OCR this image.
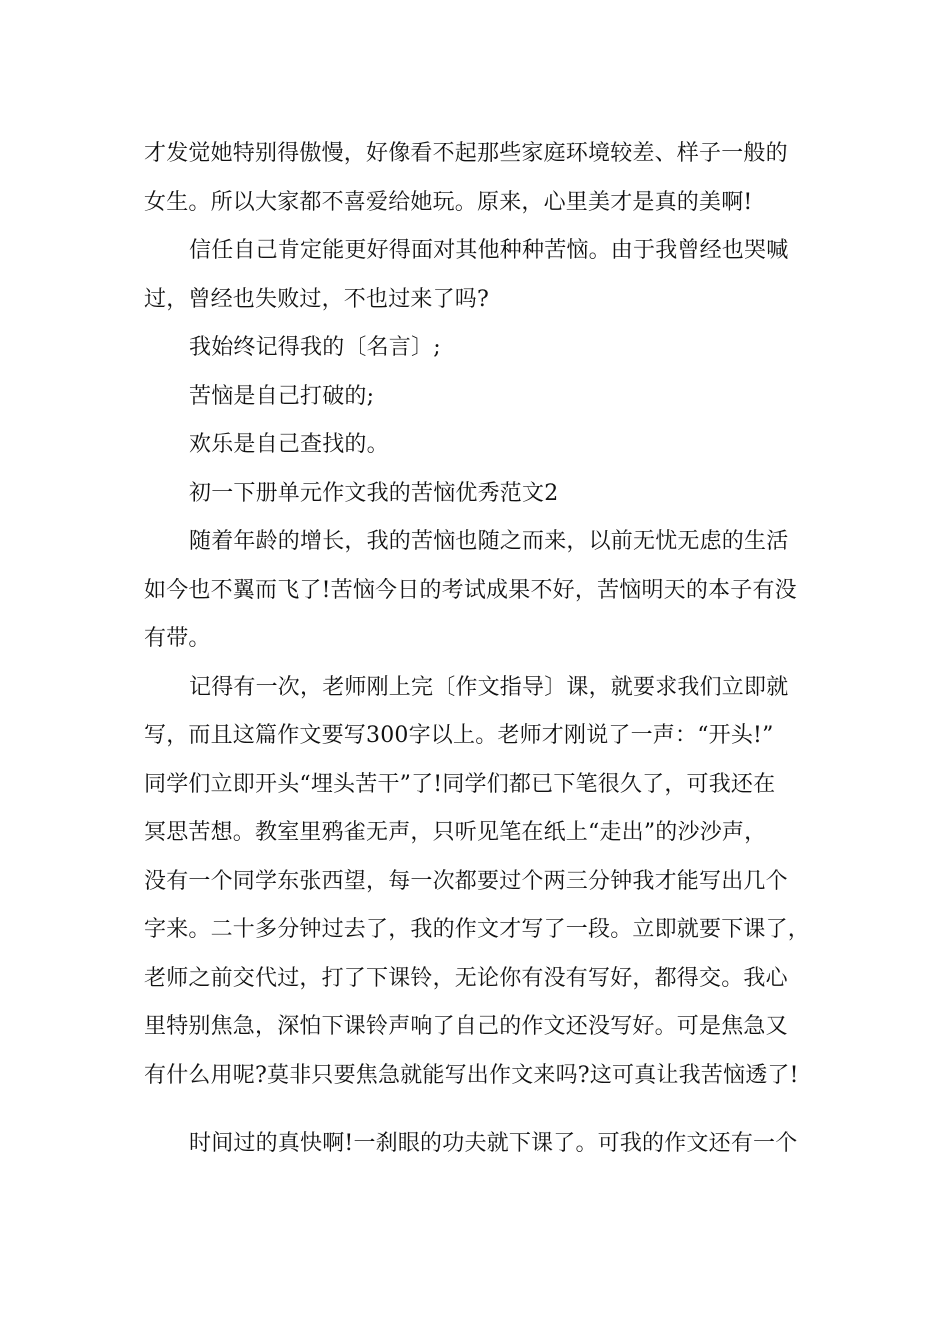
才发觉她特别得傲慢，好像看不起那些家庭环境较差、样子一般的
女生。所以大家都不喜爱给她玩。原来，心里美才是真的美啊!
信任自己肯定能更好得面对其他种种苦恼。由于我曾经也哭喊
过，曾经也失败过，不也过来了吗?
我始终记得我的〔名言〕;
苦恼是自己打破的;
欢乐是自己查找的。
初一下册单元作文我的苦恼优秀范文2
随着年龄的增长，我的苦恼也随之而来，以前无忧无虑的生活
如今也不翼而飞了!苦恼今日的考试成果不好，苦恼明天的本子有没
有带。
记得有一次，老师刚上完〔作文指导〕课，就要求我们立即就
写，而且这篇作文要写300字以上。老师才刚说了一声：“开头!”
同学们立即开头“埋头苦干”了!同学们都已下笔很久了，可我还在
冥思苦想。教室里鸦雀无声，只听见笔在纸上“走出”的沙沙声，
没有一个同学东张西望，每一次都要过个两三分钟我才能写出几个
字来。二十多分钟过去了，我的作文才写了一段。立即就要下课了，
老师之前交代过，打了下课铃，无论你有没有写好，都得交。我心
里特别焦急，深怕下课铃声响了自己的作文还没写好。可是焦急又
有什么用呢?莫非只要焦急就能写出作文来吗?这可真让我苦恼透了!
时间过的真快啊!一刹眼的功夫就下课了。可我的作文还有一个
